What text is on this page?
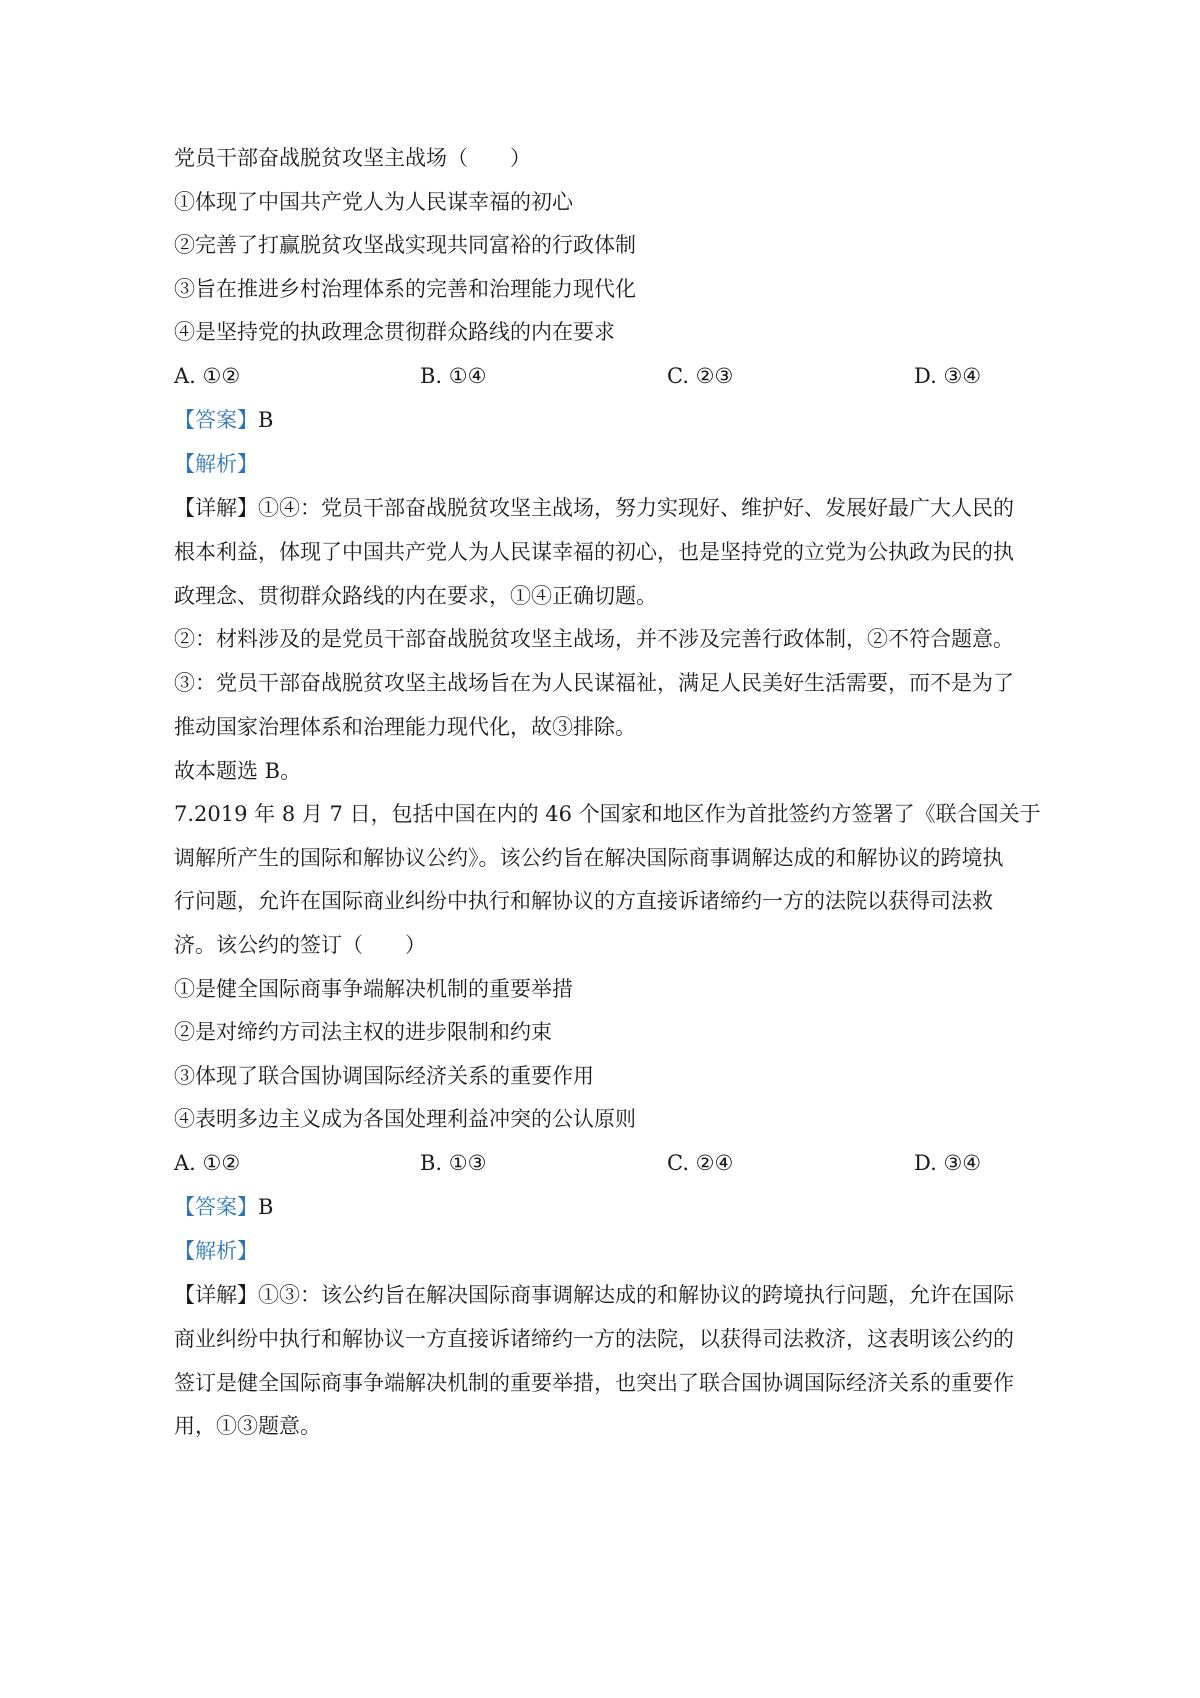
党员干部奋战脱贫攻坚主战场（　　）
①体现了中国共产党人为人民谋幸福的初心
②完善了打赢脱贫攻坚战实现共同富裕的行政体制
③旨在推进乡村治理体系的完善和治理能力现代化
④是坚持党的执政理念贯彻群众路线的内在要求
A. ①②	B. ①④	C. ②③	D. ③④
【答案】B
【解析】
【详解】①④：党员干部奋战脱贫攻坚主战场，努力实现好、维护好、发展好最广大人民的
根本利益，体现了中国共产党人为人民谋幸福的初心，也是坚持党的立党为公执政为民的执
政理念、贯彻群众路线的内在要求，①④正确切题。
②：材料涉及的是党员干部奋战脱贫攻坚主战场，并不涉及完善行政体制，②不符合题意。
③：党员干部奋战脱贫攻坚主战场旨在为人民谋福祉，满足人民美好生活需要，而不是为了
推动国家治理体系和治理能力现代化，故③排除。
故本题选 B。
7.2019 年 8 月 7 日，包括中国在内的 46 个国家和地区作为首批签约方签署了《联合国关于
调解所产生的国际和解协议公约》。该公约旨在解决国际商事调解达成的和解协议的跨境执
行问题，允许在国际商业纠纷中执行和解协议的方直接诉诸缔约一方的法院以获得司法救
济。该公约的签订（　　）
①是健全国际商事争端解决机制的重要举措
②是对缔约方司法主权的进步限制和约束
③体现了联合国协调国际经济关系的重要作用
④表明多边主义成为各国处理利益冲突的公认原则
A. ①②	B. ①③	C. ②④	D. ③④
【答案】B
【解析】
【详解】①③：该公约旨在解决国际商事调解达成的和解协议的跨境执行问题，允许在国际
商业纠纷中执行和解协议一方直接诉诸缔约一方的法院，以获得司法救济，这表明该公约的
签订是健全国际商事争端解决机制的重要举措，也突出了联合国协调国际经济关系的重要作
用，①③题意。
